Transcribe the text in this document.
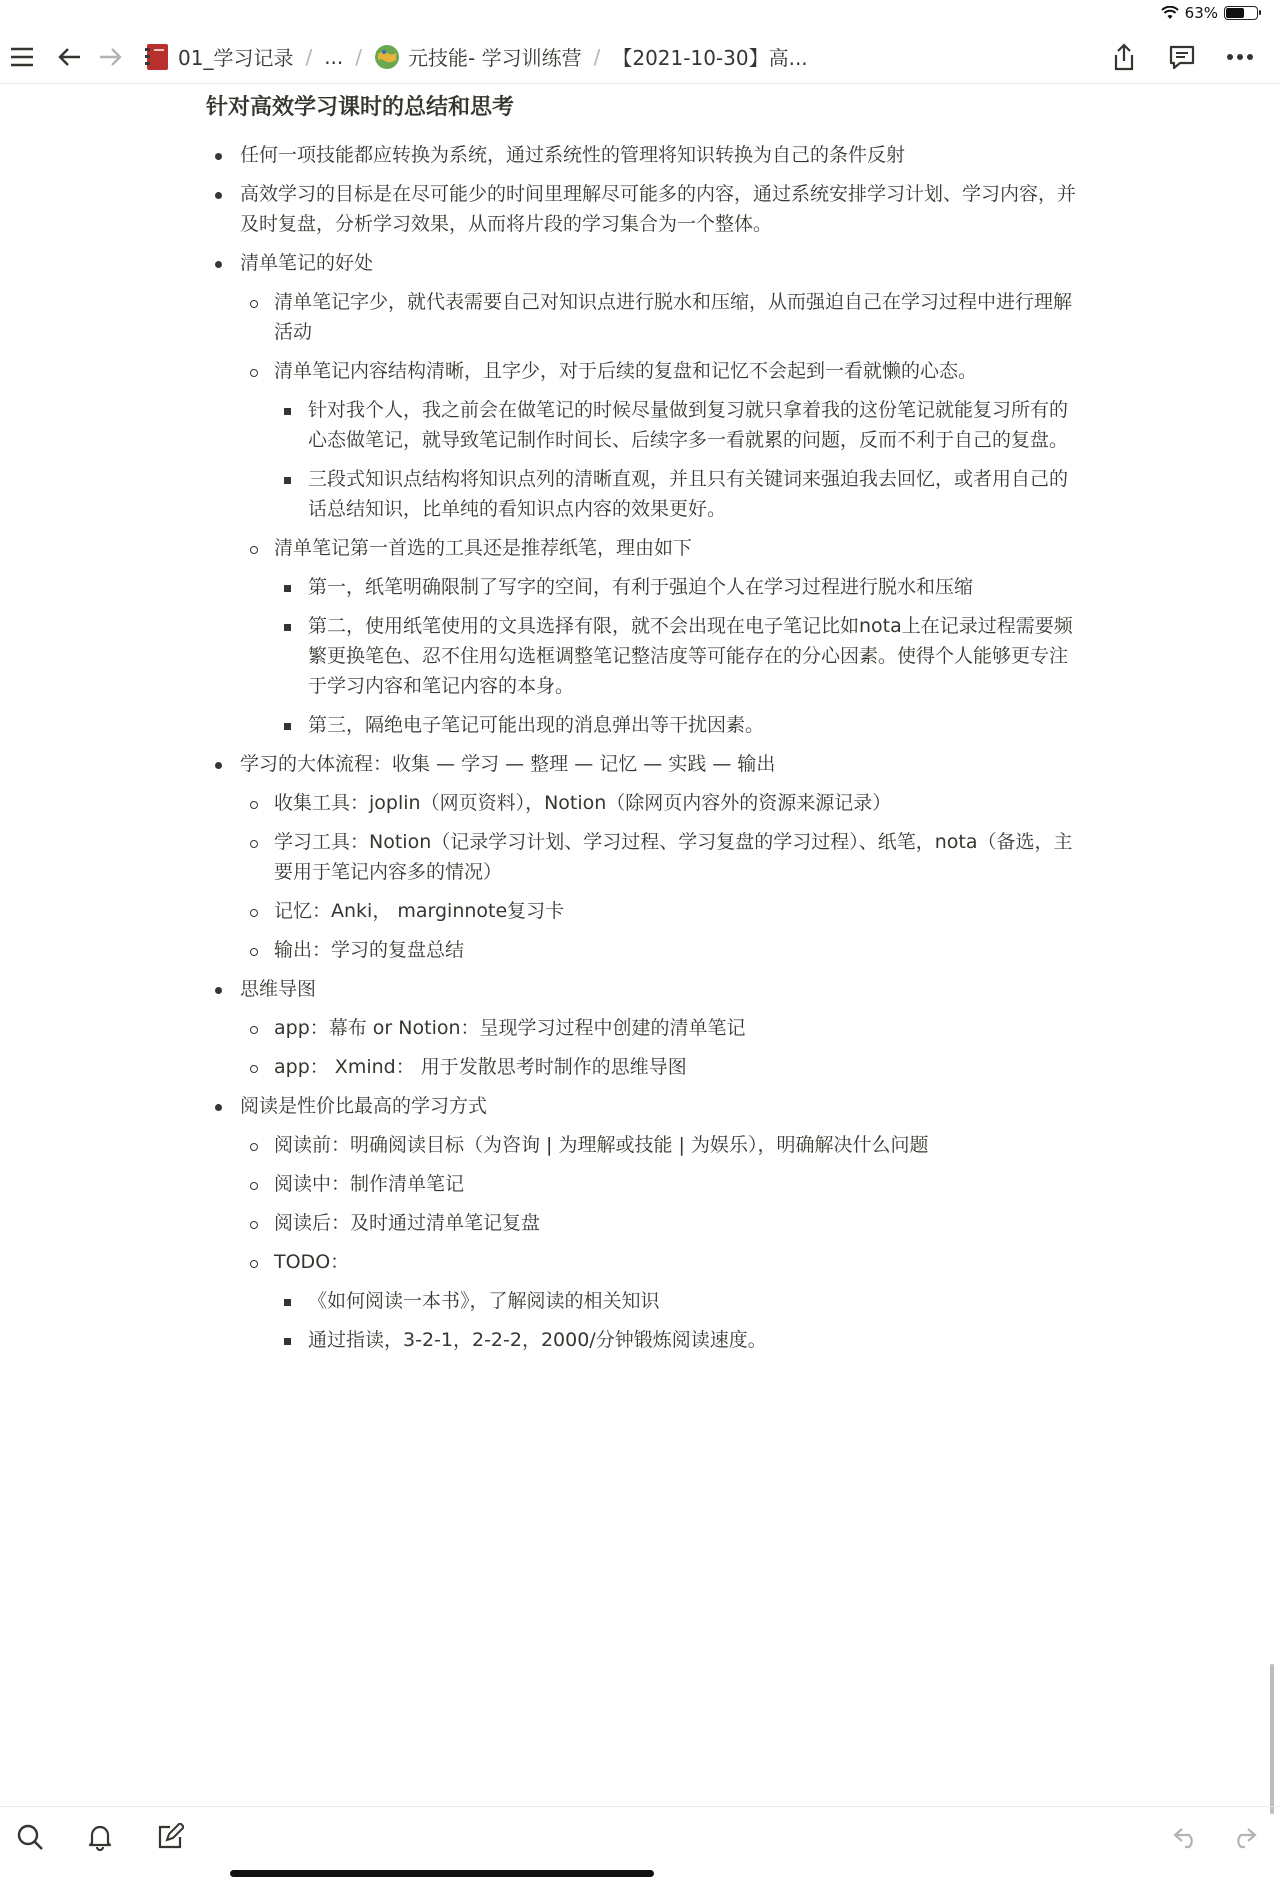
63%
01_学习记录 / ... / 元技能- 学习训练营 / 【2021-10-30】高...
针对高效学习课时的总结和思考
任何一项技能都应转换为系统，通过系统性的管理将知识转换为自己的条件反射
高效学习的目标是在尽可能少的时间里理解尽可能多的内容，通过系统安排学习计划、学习内容，并及时复盘，分析学习效果，从而将片段的学习集合为一个整体。
清单笔记的好处
清单笔记字少，就代表需要自己对知识点进行脱水和压缩，从而强迫自己在学习过程中进行理解活动
清单笔记内容结构清晰，且字少，对于后续的复盘和记忆不会起到一看就懒的心态。
针对我个人，我之前会在做笔记的时候尽量做到复习就只拿着我的这份笔记就能复习所有的心态做笔记，就导致笔记制作时间长、后续字多一看就累的问题，反而不利于自己的复盘。
三段式知识点结构将知识点列的清晰直观，并且只有关键词来强迫我去回忆，或者用自己的话总结知识，比单纯的看知识点内容的效果更好。
清单笔记第一首选的工具还是推荐纸笔，理由如下
第一，纸笔明确限制了写字的空间，有利于强迫个人在学习过程进行脱水和压缩
第二，使用纸笔使用的文具选择有限，就不会出现在电子笔记比如nota上在记录过程需要频繁更换笔色、忍不住用勾选框调整笔记整洁度等可能存在的分心因素。使得个人能够更专注于学习内容和笔记内容的本身。
第三，隔绝电子笔记可能出现的消息弹出等干扰因素。
学习的大体流程：收集 — 学习 — 整理 — 记忆 — 实践 — 输出
收集工具：joplin（网页资料），Notion（除网页内容外的资源来源记录）
学习工具：Notion（记录学习计划、学习过程、学习复盘的学习过程）、纸笔，nota（备选，主要用于笔记内容多的情况）
记忆：Anki， marginnote复习卡
输出：学习的复盘总结
思维导图
app：幕布 or Notion：呈现学习过程中创建的清单笔记
app： Xmind： 用于发散思考时制作的思维导图
阅读是性价比最高的学习方式
阅读前：明确阅读目标（为咨询 | 为理解或技能 | 为娱乐），明确解决什么问题
阅读中：制作清单笔记
阅读后：及时通过清单笔记复盘
TODO：
《如何阅读一本书》，了解阅读的相关知识
通过指读，3-2-1，2-2-2，2000/分钟锻炼阅读速度。
